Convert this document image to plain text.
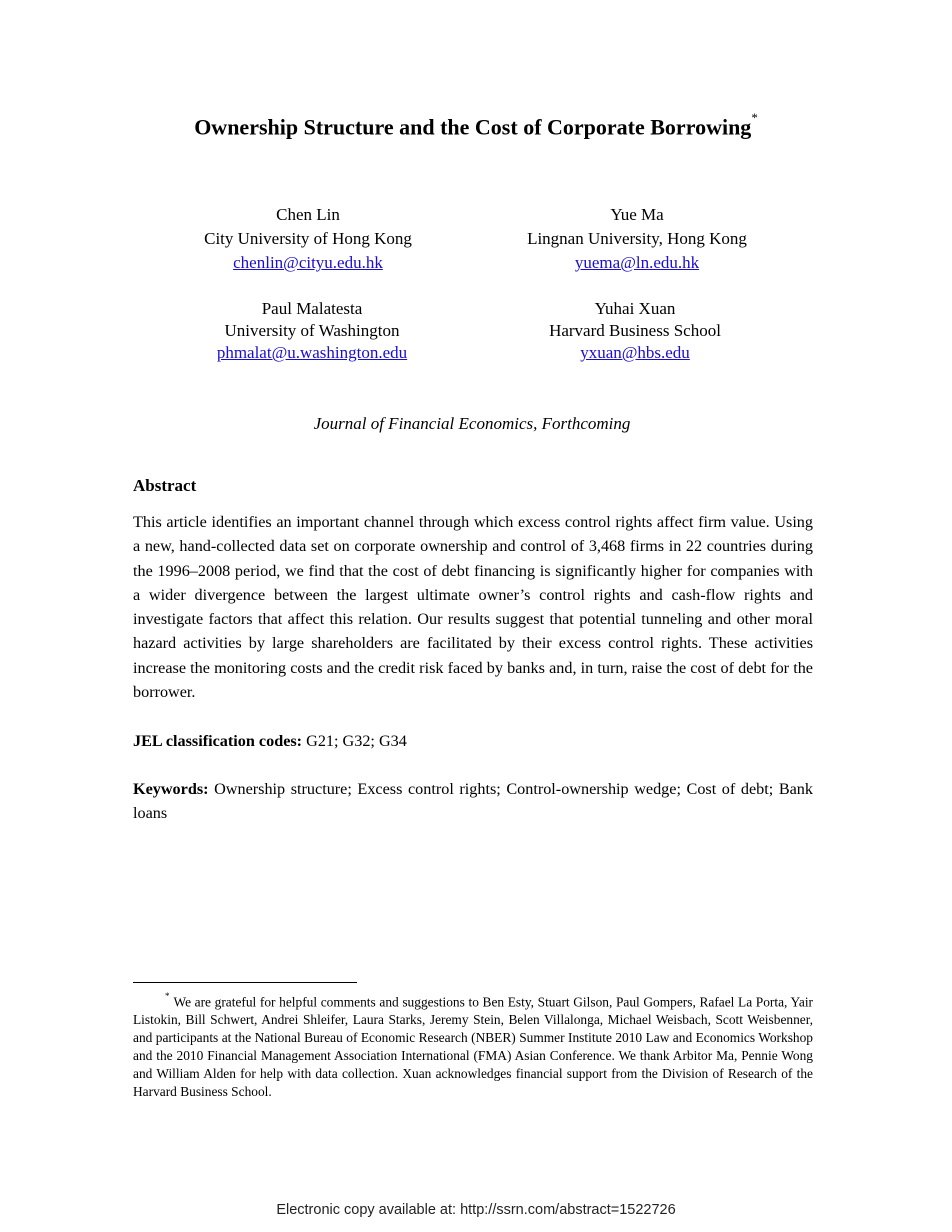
Ownership Structure and the Cost of Corporate Borrowing*
Chen Lin
City University of Hong Kong
chenlin@cityu.edu.hk
Yue Ma
Lingnan University, Hong Kong
yuema@ln.edu.hk
Paul Malatesta
University of Washington
phmalat@u.washington.edu
Yuhai Xuan
Harvard Business School
yxuan@hbs.edu
Journal of Financial Economics, Forthcoming
Abstract
This article identifies an important channel through which excess control rights affect firm value. Using a new, hand-collected data set on corporate ownership and control of 3,468 firms in 22 countries during the 1996–2008 period, we find that the cost of debt financing is significantly higher for companies with a wider divergence between the largest ultimate owner’s control rights and cash-flow rights and investigate factors that affect this relation. Our results suggest that potential tunneling and other moral hazard activities by large shareholders are facilitated by their excess control rights. These activities increase the monitoring costs and the credit risk faced by banks and, in turn, raise the cost of debt for the borrower.
JEL classification codes: G21; G32; G34
Keywords: Ownership structure; Excess control rights; Control-ownership wedge; Cost of debt; Bank loans
* We are grateful for helpful comments and suggestions to Ben Esty, Stuart Gilson, Paul Gompers, Rafael La Porta, Yair Listokin, Bill Schwert, Andrei Shleifer, Laura Starks, Jeremy Stein, Belen Villalonga, Michael Weisbach, Scott Weisbenner, and participants at the National Bureau of Economic Research (NBER) Summer Institute 2010 Law and Economics Workshop and the 2010 Financial Management Association International (FMA) Asian Conference. We thank Arbitor Ma, Pennie Wong and William Alden for help with data collection. Xuan acknowledges financial support from the Division of Research of the Harvard Business School.
Electronic copy available at: http://ssrn.com/abstract=1522726
